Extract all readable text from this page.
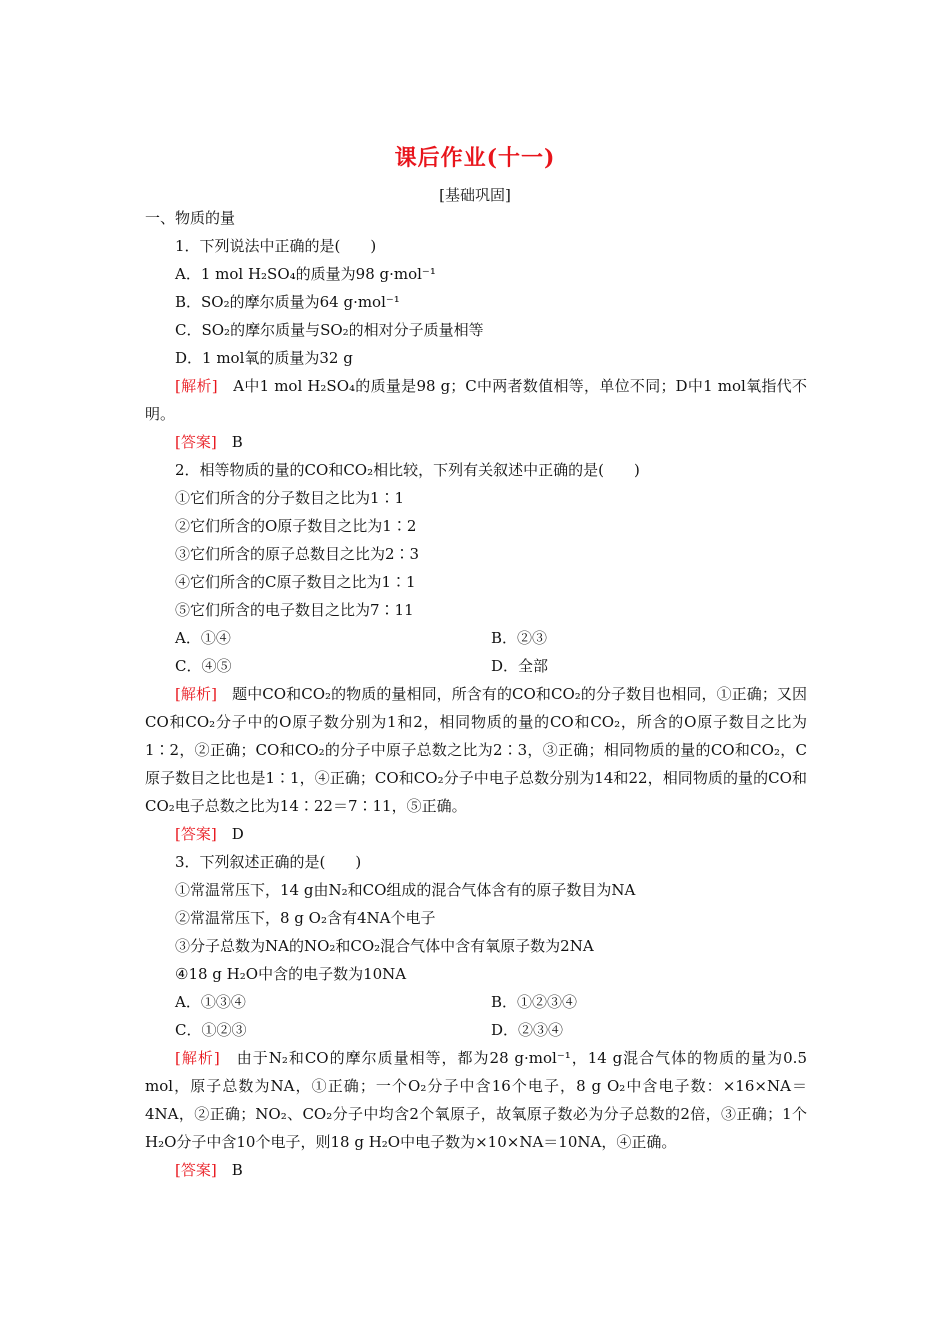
课后作业(十一)
[基础巩固]
一、物质的量
1．下列说法中正确的是(　　)
A．1 mol H₂SO₄的质量为98 g·mol⁻¹
B．SO₂的摩尔质量为64 g·mol⁻¹
C．SO₂的摩尔质量与SO₂的相对分子质量相等
D．1 mol氧的质量为32 g
[解析]　 A中1 mol H₂SO₄的质量是98 g；C中两者数值相等，单位不同；D中1 mol氧指代不明。
[答案]　 B
2．相等物质的量的CO和CO₂相比较，下列有关叙述中正确的是(　　)
①它们所含的分子数目之比为1∶1
②它们所含的O原子数目之比为1∶2
③它们所含的原子总数目之比为2∶3
④它们所含的C原子数目之比为1∶1
⑤它们所含的电子数目之比为7∶11
A．①④	B．②③
C．④⑤	D．全部
[解析]　 题中CO和CO₂的物质的量相同，所含有的CO和CO₂的分子数目也相同，①正确；又因CO和CO₂分子中的O原子数分别为1和2，相同物质的量的CO和CO₂，所含的O原子数目之比为1∶2，②正确；CO和CO₂的分子中原子总数之比为2∶3，③正确；相同物质的量的CO和CO₂，C原子数目之比也是1∶1，④正确；CO和CO₂分子中电子总数分别为14和22，相同物质的量的CO和CO₂电子总数之比为14∶22＝7∶11，⑤正确。
[答案]　 D
3．下列叙述正确的是(　　)
①常温常压下，14 g由N₂和CO组成的混合气体含有的原子数目为NA
②常温常压下，8 g O₂含有4NA个电子
③分子总数为NA的NO₂和CO₂混合气体中含有氧原子数为2NA
④18 g H₂O中含的电子数为10NA
A．①③④	B．①②③④
C．①②③	D．②③④
[解析]　 由于N₂和CO的摩尔质量相等，都为28 g·mol⁻¹，14 g混合气体的物质的量为0.5 mol，原子总数为NA，①正确；一个O₂分子中含16个电子，8 g O₂中含电子数：×16×NA＝4NA，②正确；NO₂、CO₂分子中均含2个氧原子，故氧原子数必为分子总数的2倍，③正确；1个H₂O分子中含10个电子，则18 g H₂O中电子数为×10×NA＝10NA，④正确。
[答案]　 B
